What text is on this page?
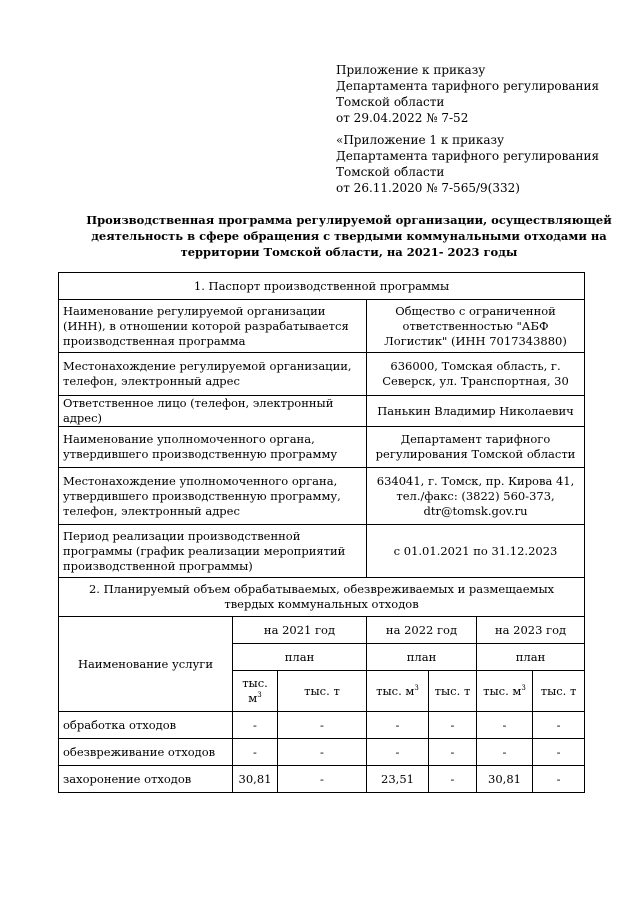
Приложение к приказу
Департамента тарифного регулирования
Томской области
от 29.04.2022 № 7-52
«Приложение 1 к приказу
Департамента тарифного регулирования
Томской области
от 26.11.2020 № 7-565/9(332)
Производственная программа регулируемой организации, осуществляющей
деятельность в сфере обращения с твердыми коммунальными отходами на
территории Томской области, на 2021- 2023 годы
1. Паспорт производственной программы						
Наименование регулируемой организации (ИНН), в отношении которой разрабатывается производственная программа			Общество с ограниченной ответственностью "АБФ Логистик" (ИНН 7017343880)			
Местонахождение регулируемой организации, телефон, электронный адрес			636000, Томская область, г. Северск, ул. Транспортная, 30			
Ответственное лицо (телефон, электронный адрес)			Панькин Владимир Николаевич			
Наименование уполномоченного органа, утвердившего производственную программу			Департамент тарифного регулирования Томской области			
Местонахождение уполномоченного органа, утвердившего производственную программу, телефон, электронный адрес			634041, г. Томск, пр. Кирова 41, тел./факс: (3822) 560-373, dtr@tomsk.gov.ru			
Период реализации производственной программы (график реализации мероприятий производственной программы)			с 01.01.2021 по 31.12.2023			
2. Планируемый объем обрабатываемых, обезвреживаемых и размещаемых твердых коммунальных отходов						
Наименование услуги	на 2021 год		на 2022 год		на 2023 год	
	план		план		план	
	тыс. $м^3$	тыс. т	тыс. $м^3$	тыс. т	тыс. $м^3$	тыс. т
обработка отходов	-	-	-	-	-	-
обезвреживание отходов	-	-	-	-	-	-
захоронение отходов	30,81	-	23,51	-	30,81	-
